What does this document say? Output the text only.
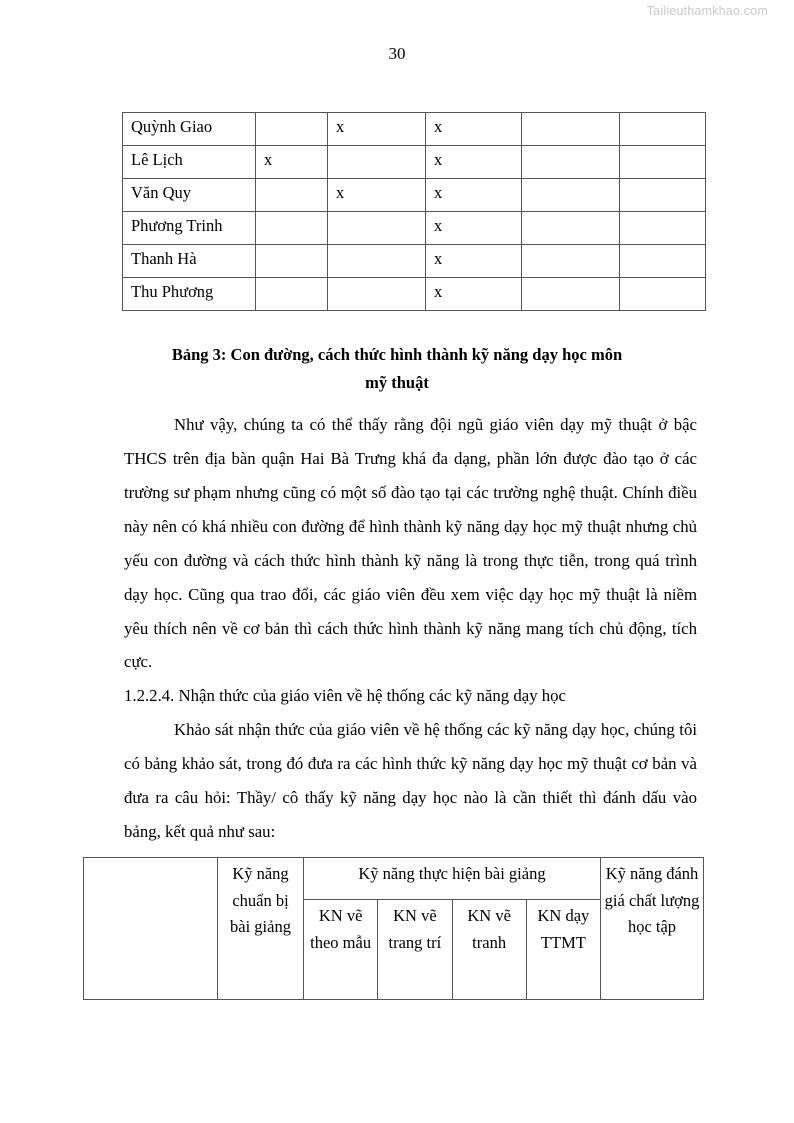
Tailieuthamkhao.com
30
Quỳnh Giao		x	x		
Lê Lịch	x		x		
Văn Quy		x	x		
Phương Trinh			x		
Thanh Hà			x		
Thu Phương			x		
Bảng 3: Con đường, cách thức hình thành kỹ năng dạy học môn
mỹ thuật

Như vậy, chúng ta có thể thấy rằng đội ngũ giáo viên dạy mỹ thuật ở bậc THCS trên địa bàn quận Hai Bà Trưng khá đa dạng, phần lớn được đào tạo ở các trường sư phạm nhưng cũng có một số đào tạo tại các trường nghệ thuật. Chính điều này nên có khá nhiều con đường để hình thành kỹ năng dạy học mỹ thuật nhưng chủ yếu con đường và cách thức hình thành kỹ năng là trong thực tiễn, trong quá trình dạy học. Cũng qua trao đổi, các giáo viên đều xem việc dạy học mỹ thuật là niềm yêu thích nên về cơ bản thì cách thức hình thành kỹ năng mang tích chủ động, tích cực.

1.2.2.4. Nhận thức của giáo viên về hệ thống các kỹ năng dạy học

Khảo sát nhận thức của giáo viên về hệ thống các kỹ năng dạy học, chúng tôi có bảng khảo sát, trong đó đưa ra các hình thức kỹ năng dạy học mỹ thuật cơ bản và đưa ra câu hỏi: Thầy/ cô thấy kỹ năng dạy học nào là cần thiết thì đánh dấu vào bảng, kết quả như sau:

	Kỹ năng chuẩn bị bài giảng	Kỹ năng thực hiện bài giảng				Kỹ năng đánh giá chất lượng học tập
		KN vẽ theo mẫu	KN vẽ trang trí	KN vẽ tranh	KN dạy TTMT	
